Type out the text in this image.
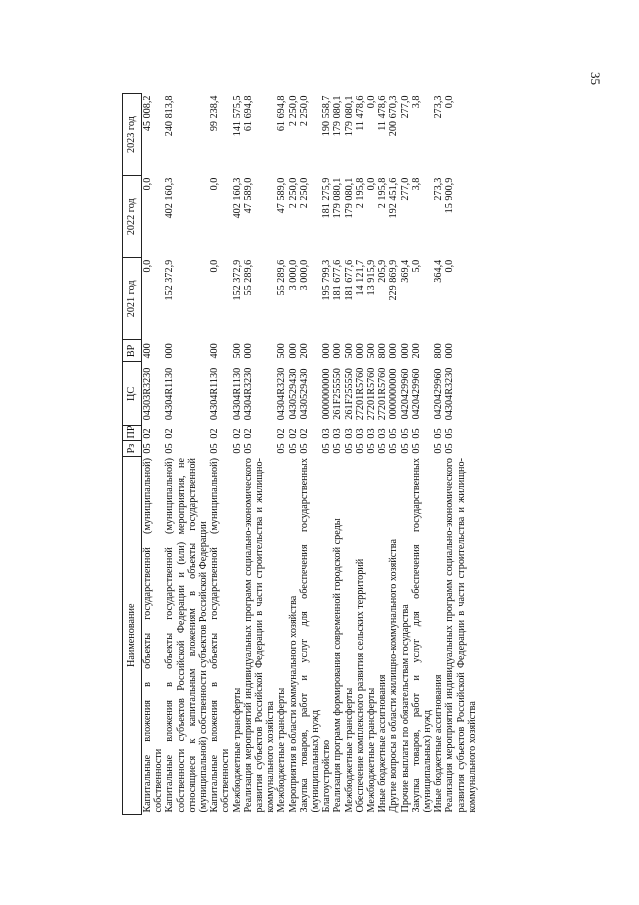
35
Наименование	Рз	ПР	ЦС	ВР	2021 год	2022 год	2023 год
Капитальные вложения в объекты государственной (муниципальной) собственности	05	02	04303R3230	400	0,0	0,0	45 008,2
Капитальные вложения в объекты государственной (муниципальной) собственности субъектов Российской Федерации и (или) мероприятия, не относящиеся к капитальным вложениям в объекты государственной (муниципальной) собственности субъектов Российской Федерации	05	02	04304R1130	000	152 372,9	402 160,3	240 813,8
Капитальные вложения в объекты государственной (муниципальной) собственности	05	02	04304R1130	400	0,0	0,0	99 238,4
Межбюджетные трансферты	05	02	04304R1130	500	152 372,9	402 160,3	141 575,5
Реализация мероприятий индивидуальных программ социально-экономического развития субъектов Российской Федерации в части строительства и жилищно-коммунального хозяйства	05	02	04304R3230	000	55 289,6	47 589,0	61 694,8
Межбюджетные трансферты	05	02	04304R3230	500	55 289,6	47 589,0	61 694,8
Мероприятия в области коммунального хозяйства	05	02	0430529430	000	3 000,0	2 250,0	2 250,0
Закупка товаров, работ и услуг для обеспечения государственных (муниципальных) нужд	05	02	0430529430	200	3 000,0	2 250,0	2 250,0
Благоустройство	05	03	0000000000	000	195 799,3	181 275,9	190 558,7
Реализация программ формирования современной городской среды	05	03	261F255550	000	181 677,6	179 080,1	179 080,1
Межбюджетные трансферты	05	03	261F255550	500	181 677,6	179 080,1	179 080,1
Обеспечение комплексного развития сельских территорий	05	03	27201R5760	000	14 121,7	2 195,8	11 478,6
Межбюджетные трансферты	05	03	27201R5760	500	13 915,9	0,0	0,0
Иные бюджетные ассигнования	05	03	27201R5760	800	205,9	2 195,8	11 478,6
Другие вопросы в области жилищно-коммунального хозяйства	05	05	0000000000	000	229 869,9	192 451,6	200 670,3
Прочие выплаты по обязательствам государства	05	05	0420429960	000	369,4	277,0	277,0
Закупка товаров, работ и услуг для обеспечения государственных (муниципальных) нужд	05	05	0420429960	200	5,0	3,8	3,8
Иные бюджетные ассигнования	05	05	0420429960	800	364,4	273,3	273,3
Реализация мероприятий индивидуальных программ социально-экономического развития субъектов Российской Федерации в части строительства и жилищно-коммунального хозяйства	05	05	04304R3230	000	0,0	15 900,9	0,0
